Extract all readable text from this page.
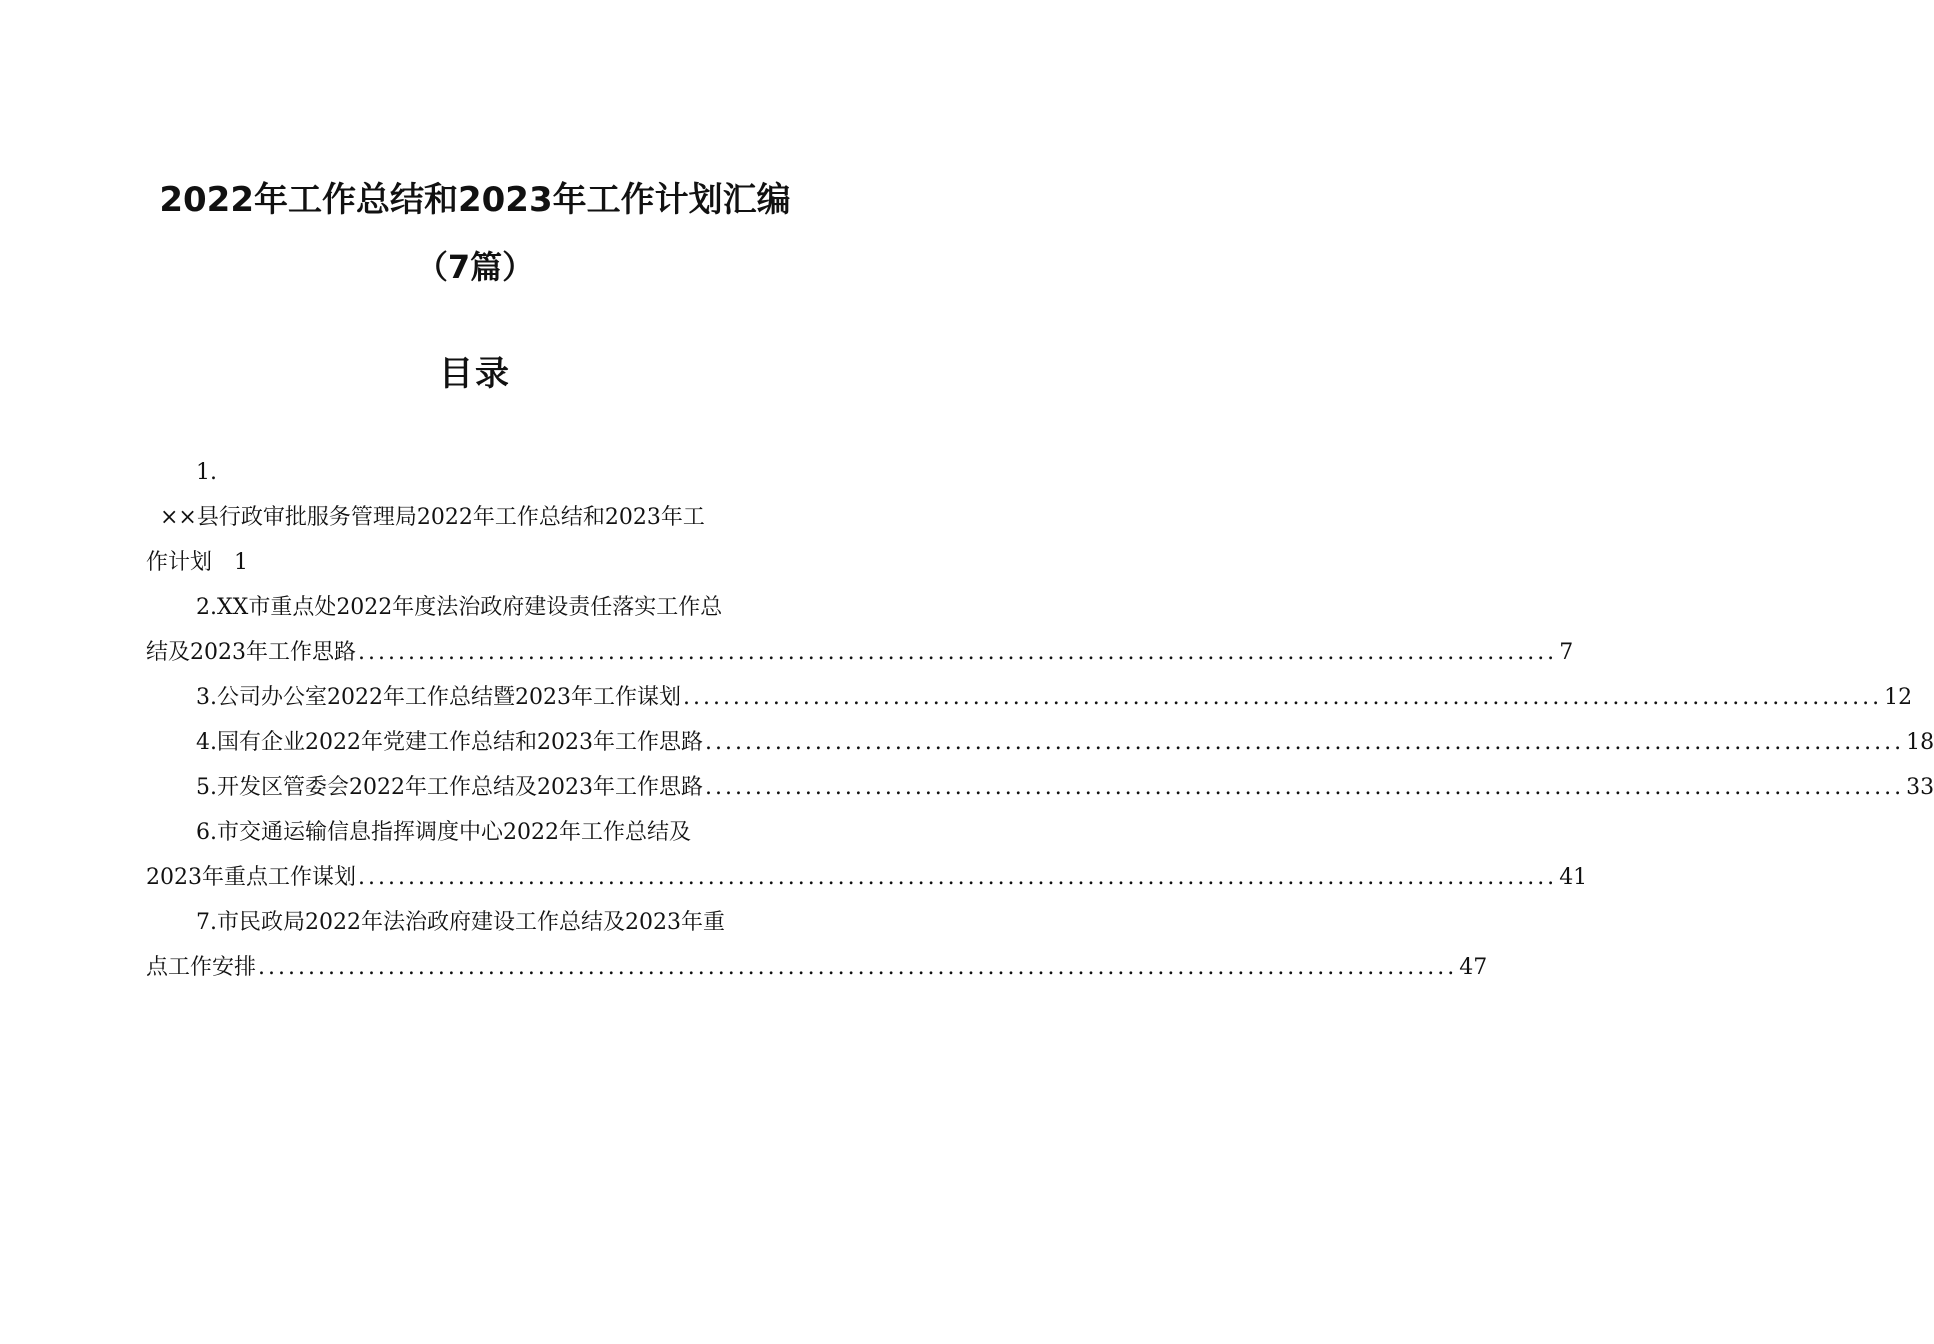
2022年工作总结和2023年工作计划汇编
（7篇）
目录
1.
××县行政审批服务管理局2022年工作总结和2023年工
作计划 1
2.XX市重点处2022年度法治政府建设责任落实工作总
结及2023年工作思路 ........................................................................................................................ 7
3.公司办公室2022年工作总结暨2023年工作谋划 ........................................................................................................................ 12
4.国有企业2022年党建工作总结和2023年工作思路 ........................................................................................................................ 18
5.开发区管委会2022年工作总结及2023年工作思路 ........................................................................................................................ 33
6.市交通运输信息指挥调度中心2022年工作总结及
2023年重点工作谋划 ........................................................................................................................ 41
7.市民政局2022年法治政府建设工作总结及2023年重
点工作安排 ........................................................................................................................ 47
